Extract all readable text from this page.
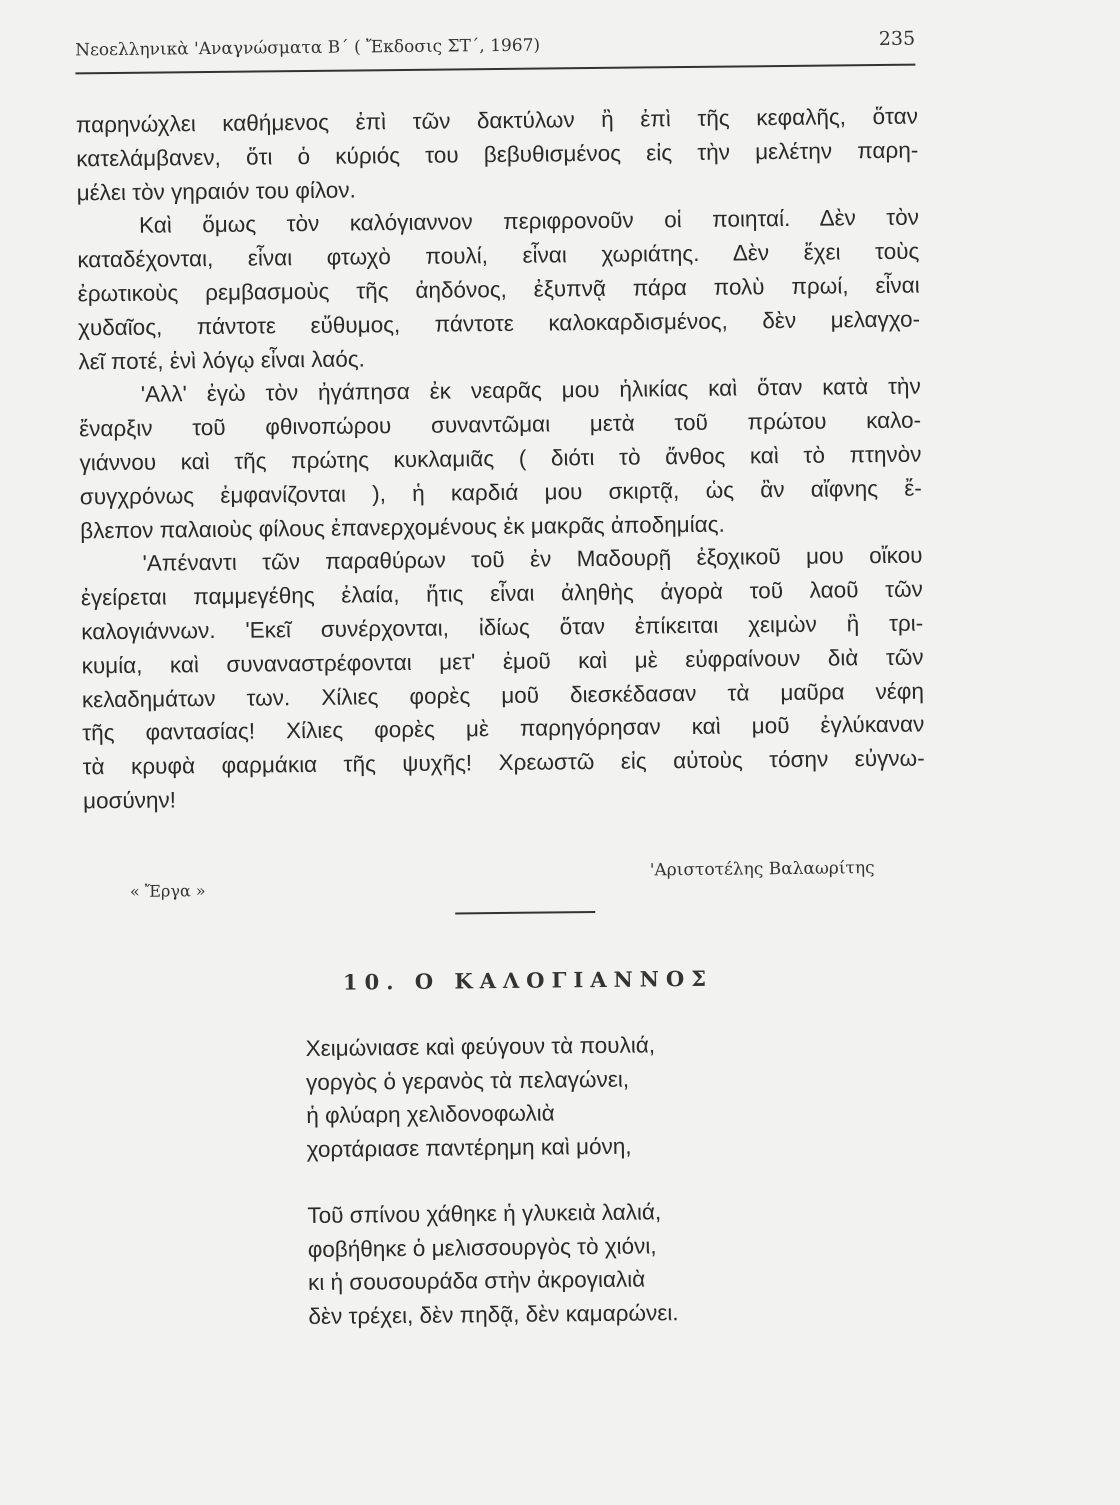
Νεοελληνικὰ 'Αναγνώσματα Β΄ ( Ἔκδοσις ΣΤ΄, 1967)	235
παρηνώχλει καθήμενος ἐπὶ τῶν δακτύλων ἢ ἐπὶ τῆς κεφαλῆς, ὅταν
κατελάμβανεν, ὅτι ὁ κύριός του βεβυθισμένος εἰς τὴν μελέτην παρη-
μέλει τὸν γηραιόν του φίλον.
Καὶ ὅμως τὸν καλόγιαννον περιφρονοῦν οἱ ποιηταί. Δὲν τὸν
καταδέχονται, εἶναι φτωχὸ πουλί, εἶναι χωριάτης. Δὲν ἔχει τοὺς
ἐρωτικοὺς ρεμβασμοὺς τῆς ἀηδόνος, ἐξυπνᾷ πάρα πολὺ πρωί, εἶναι
χυδαῖος, πάντοτε εὔθυμος, πάντοτε καλοκαρδισμένος, δὲν μελαγχο-
λεῖ ποτέ, ἑνὶ λόγῳ εἶναι λαός.
'Αλλ' ἐγὼ τὸν ἠγάπησα ἐκ νεαρᾶς μου ἡλικίας καὶ ὅταν κατὰ τὴν
ἔναρξιν τοῦ φθινοπώρου συναντῶμαι μετὰ τοῦ πρώτου καλο-
γιάννου καὶ τῆς πρώτης κυκλαμιᾶς ( διότι τὸ ἄνθος καὶ τὸ πτηνὸν
συγχρόνως ἐμφανίζονται ), ἡ καρδιά μου σκιρτᾷ, ὡς ἂν αἴφνης ἔ-
βλεπον παλαιοὺς φίλους ἐπανερχομένους ἐκ μακρᾶς ἀποδημίας.
'Απέναντι τῶν παραθύρων τοῦ ἐν Μαδουρῇ ἐξοχικοῦ μου οἴκου
ἐγείρεται παμμεγέθης ἐλαία, ἥτις εἶναι ἀληθὴς ἀγορὰ τοῦ λαοῦ τῶν
καλογιάννων. 'Εκεῖ συνέρχονται, ἰδίως ὅταν ἐπίκειται χειμὼν ἢ τρι-
κυμία, καὶ συναναστρέφονται μετ' ἐμοῦ καὶ μὲ εὐφραίνουν διὰ τῶν
κελαδημάτων των. Χίλιες φορὲς μοῦ διεσκέδασαν τὰ μαῦρα νέφη
τῆς φαντασίας! Χίλιες φορὲς μὲ παρηγόρησαν καὶ μοῦ ἐγλύκαναν
τὰ κρυφὰ φαρμάκια τῆς ψυχῆς! Χρεωστῶ εἰς αὐτοὺς τόσην εὐγνω-
μοσύνην!
'Αριστοτέλης Βαλαωρίτης
« Ἔργα »
10. Ο ΚΑΛΟΓΙΑΝΝΟΣ
Χειμώνιασε καὶ φεύγουν τὰ πουλιά,
γοργὸς ὁ γερανὸς τὰ πελαγώνει,
ἡ φλύαρη χελιδονοφωλιὰ
χορτάριασε παντέρημη καὶ μόνη,
Τοῦ σπίνου χάθηκε ἡ γλυκειὰ λαλιά,
φοβήθηκε ὁ μελισσουργὸς τὸ χιόνι,
κι ἡ σουσουράδα στὴν ἀκρογιαλιὰ
δὲν τρέχει, δὲν πηδᾷ, δὲν καμαρώνει.
